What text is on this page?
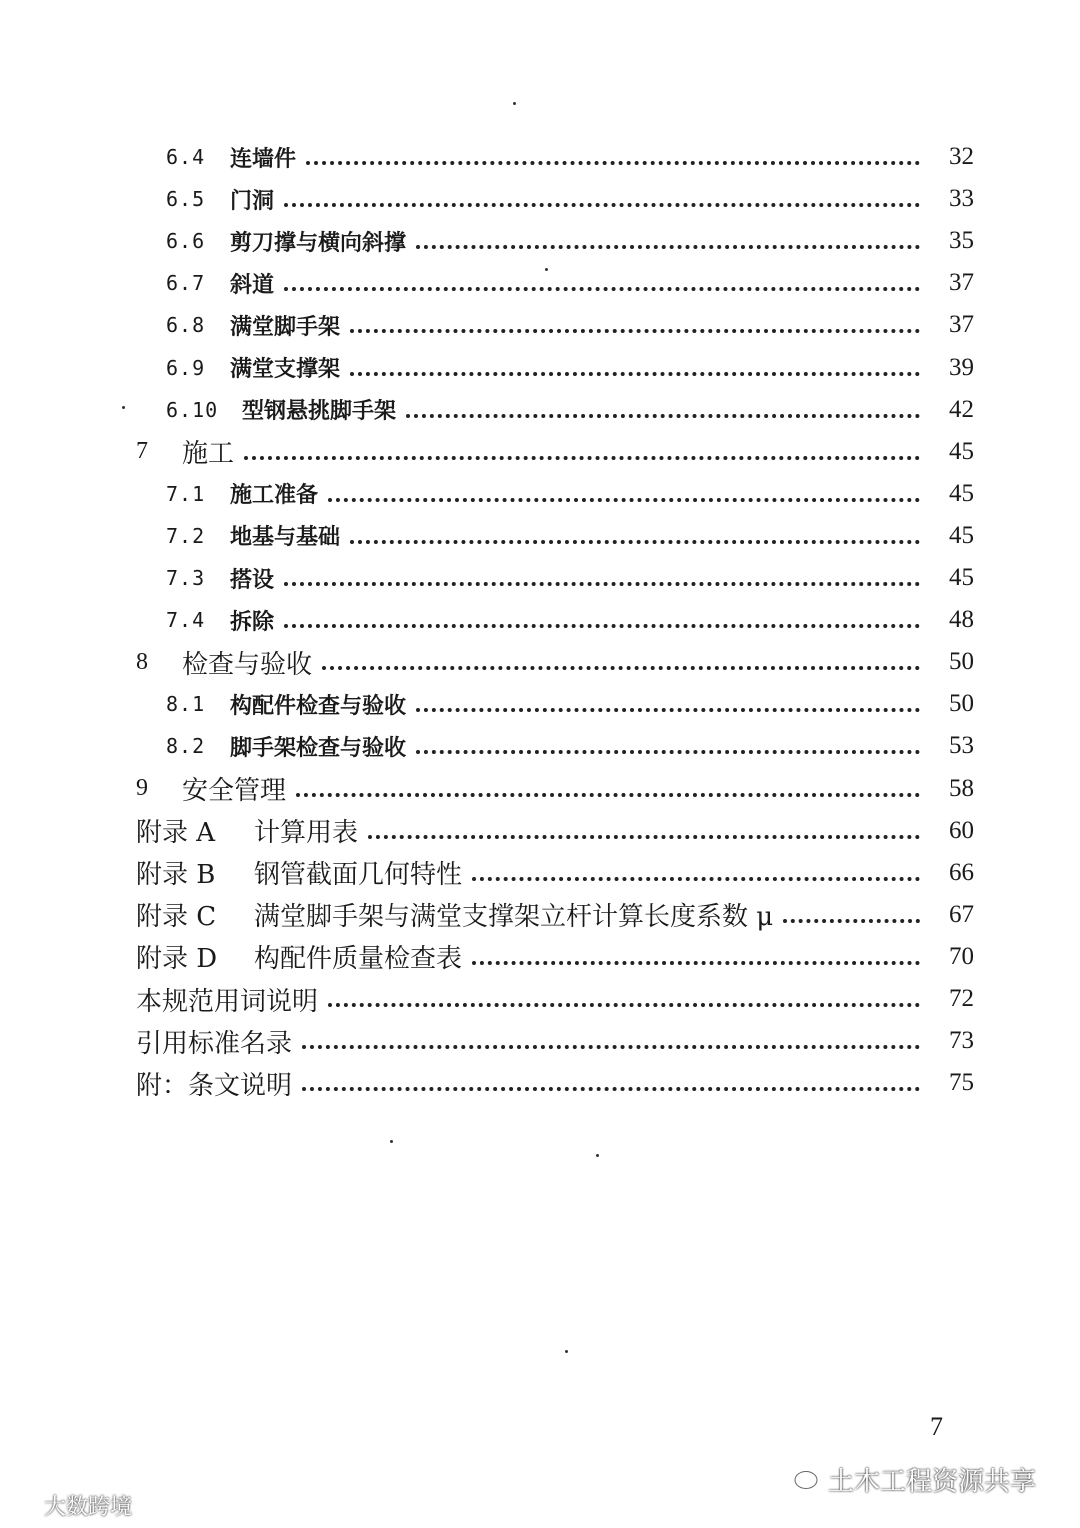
6.4	连墙件	32
6.5	门洞	33
6.6	剪刀撑与横向斜撑	35
6.7	斜道	37
6.8	满堂脚手架	37
6.9	满堂支撑架	39
6.10	型钢悬挑脚手架	42
7	施工	45
7.1	施工准备	45
7.2	地基与基础	45
7.3	搭设	45
7.4	拆除	48
8	检查与验收	50
8.1	构配件检查与验收	50
8.2	脚手架检查与验收	53
9	安全管理	58
附录 A	计算用表	60
附录 B	钢管截面几何特性	66
附录 C	满堂脚手架与满堂支撑架立杆计算长度系数 μ	67
附录 D	构配件质量检查表	70
本规范用词说明	72
引用标准名录	73
附：条文说明	75
7
大数跨境
土木工程资源共享
